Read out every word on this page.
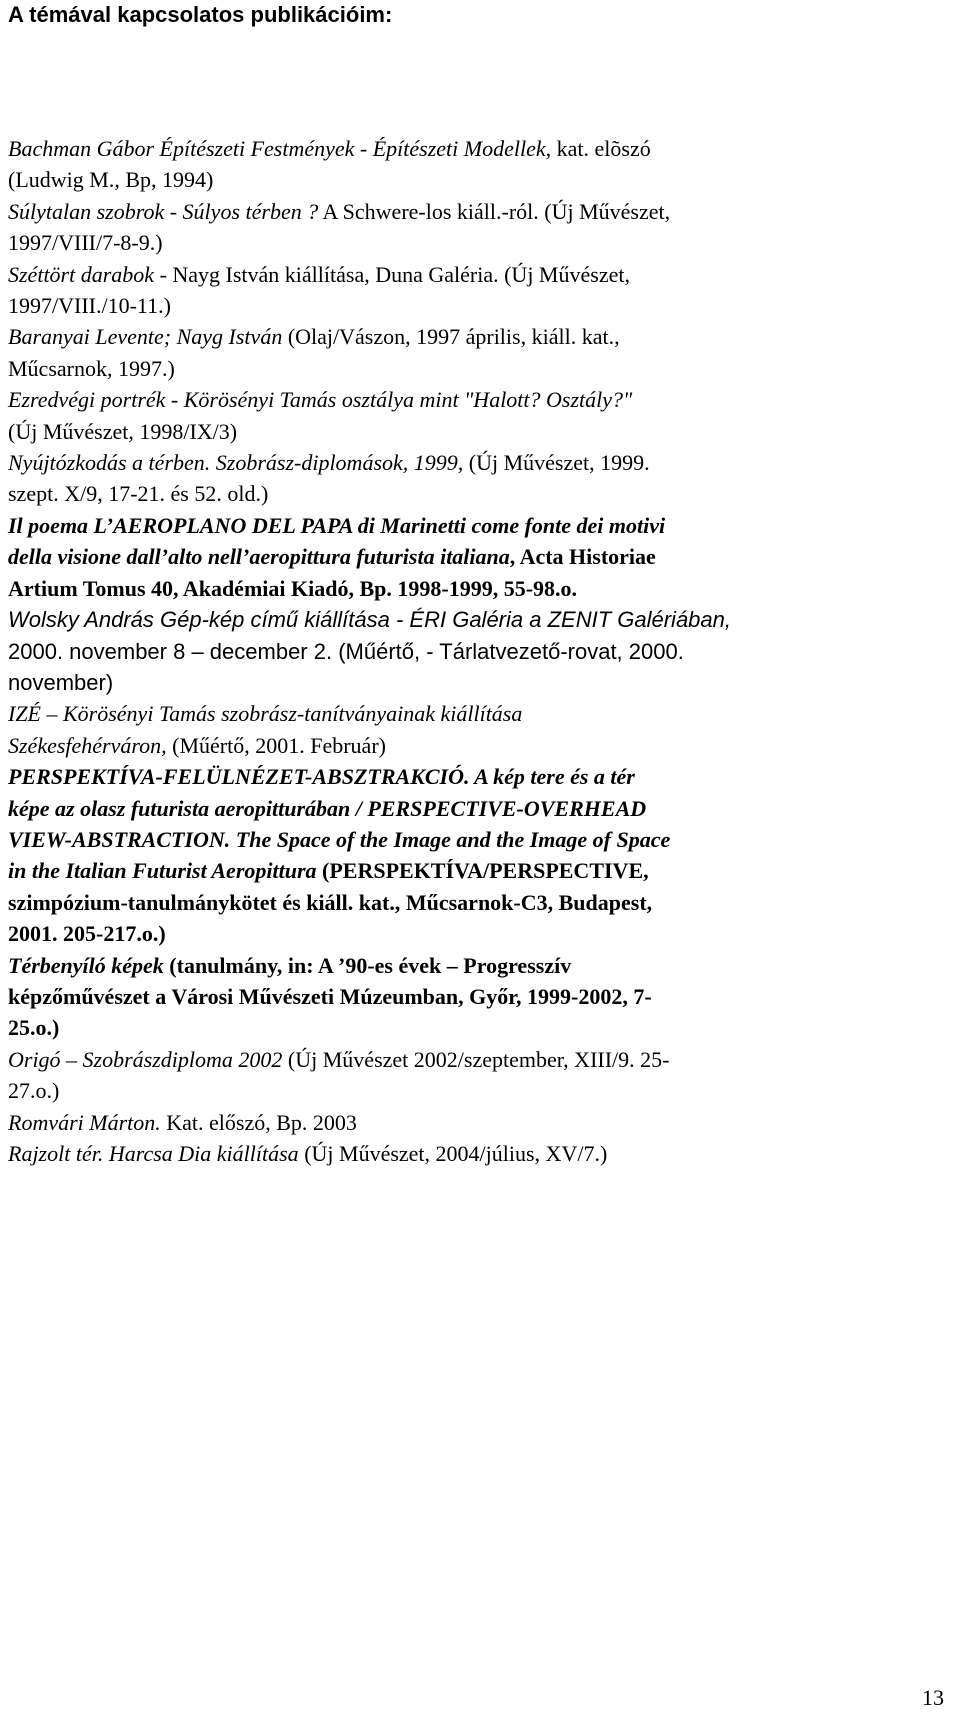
A témával kapcsolatos publikációim:
Bachman Gábor Építészeti Festmények - Építészeti Modellek, kat. elõszó
(Ludwig M., Bp, 1994)
Súlytalan szobrok - Súlyos térben ? A Schwere-los kiáll.-ról. (Új Művészet,
1997/VIII/7-8-9.)
Széttört darabok - Nayg István kiállítása, Duna Galéria. (Új Művészet,
1997/VIII./10-11.)
Baranyai Levente; Nayg István (Olaj/Vászon, 1997 április, kiáll. kat.,
Műcsarnok, 1997.)
Ezredvégi portrék - Körösényi Tamás osztálya mint "Halott? Osztály?"
(Új Művészet, 1998/IX/3)
Nyújtózkodás a térben. Szobrász-diplomások, 1999, (Új Művészet, 1999.
szept. X/9, 17-21. és 52. old.)
Il poema L’AEROPLANO DEL PAPA di Marinetti come fonte dei motivi
della visione dall’alto nell’aeropittura futurista italiana, Acta Historiae
Artium Tomus 40, Akadémiai Kiadó, Bp. 1998-1999, 55-98.o.
Wolsky András Gép-kép című kiállítása - ÉRI Galéria a ZENIT Galériában,
2000. november 8 – december 2. (Műértő, - Tárlatvezető-rovat, 2000.
november)
IZÉ – Körösényi Tamás szobrász-tanítványainak kiállítása
Székesfehérváron, (Műértő, 2001. Február)
PERSPEKTÍVA-FELÜLNÉZET-ABSZTRAKCIÓ. A kép tere és a tér
képe az olasz futurista aeropitturában / PERSPECTIVE-OVERHEAD
VIEW-ABSTRACTION. The Space of the Image and the Image of Space
in the Italian Futurist Aeropittura (PERSPEKTÍVA/PERSPECTIVE,
szimpózium-tanulmánykötet és kiáll. kat., Műcsarnok-C3, Budapest,
2001. 205-217.o.)
Térbenyíló képek (tanulmány, in: A ’90-es évek – Progresszív
képzőművészet a Városi Művészeti Múzeumban, Győr, 1999-2002, 7-
25.o.)
Origó – Szobrászdiploma 2002 (Új Művészet 2002/szeptember, XIII/9. 25-
27.o.)
Romvári Márton. Kat. előszó, Bp. 2003
Rajzolt tér. Harcsa Dia kiállítása (Új Művészet, 2004/július, XV/7.)
13
